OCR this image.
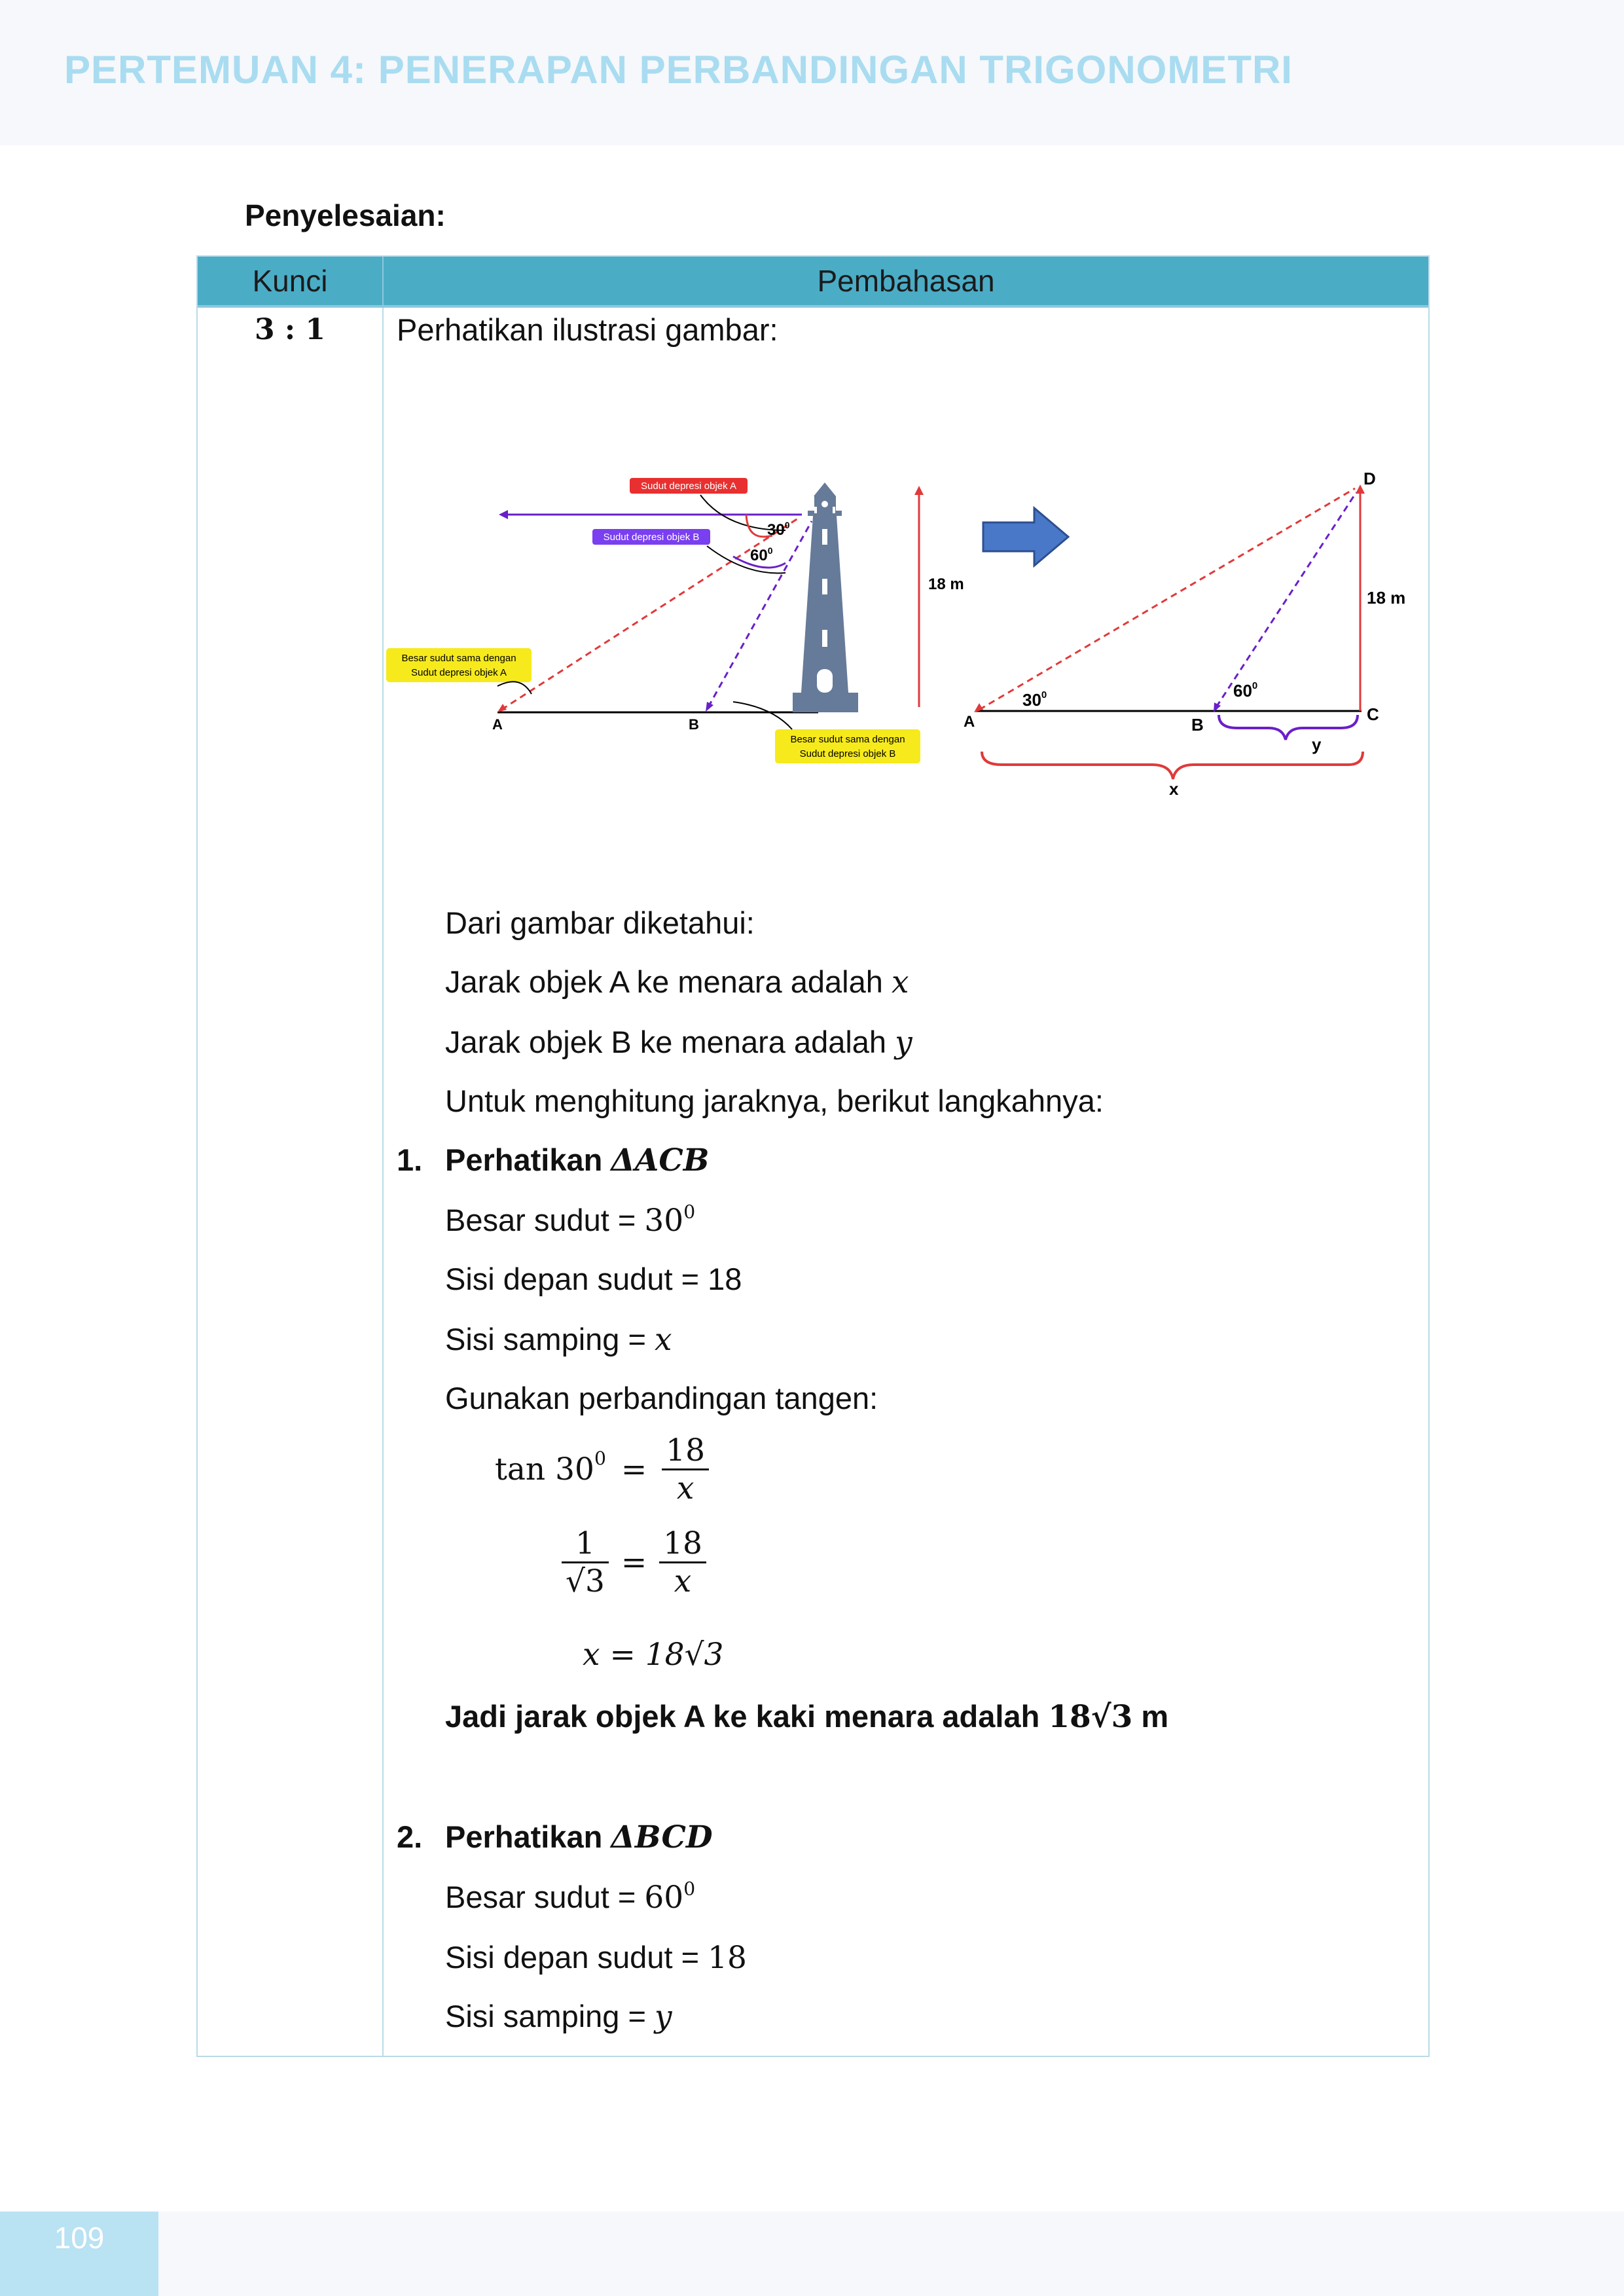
PERTEMUAN 4: PENERAPAN PERBANDINGAN TRIGONOMETRI
Penyelesaian:
Kunci	Pembahasan
3 : 1	Perhatikan ilustrasi gambar:
18 m
Sudut depresi objek A
$30^0$
$60^0$
Sudut depresi objek B
Besar sudut sama dengan
Sudut depresi objek A
Besar sudut sama dengan
Sudut depresi objek B
A	B
D
C
A	B
18 m
$30^0$	$60^0$
y
x
Dari gambar diketahui:
Jarak objek A ke menara adalah x
Jarak objek B ke menara adalah y
Untuk menghitung jaraknya, berikut langkahnya:
1. Perhatikan ΔACB
Besar sudut = $30^0$
Sisi depan sudut = 18
Sisi samping = x
Gunakan perbandingan tangen:
$\tan 30^0 = \frac{18}{x}$
$\frac{1}{√3} = \frac{18}{x}$
x = 18√3
Jadi jarak objek A ke kaki menara adalah 18√3 m
2. Perhatikan ΔBCD
Besar sudut = $60^0$
Sisi depan sudut = 18
Sisi samping = y
109
